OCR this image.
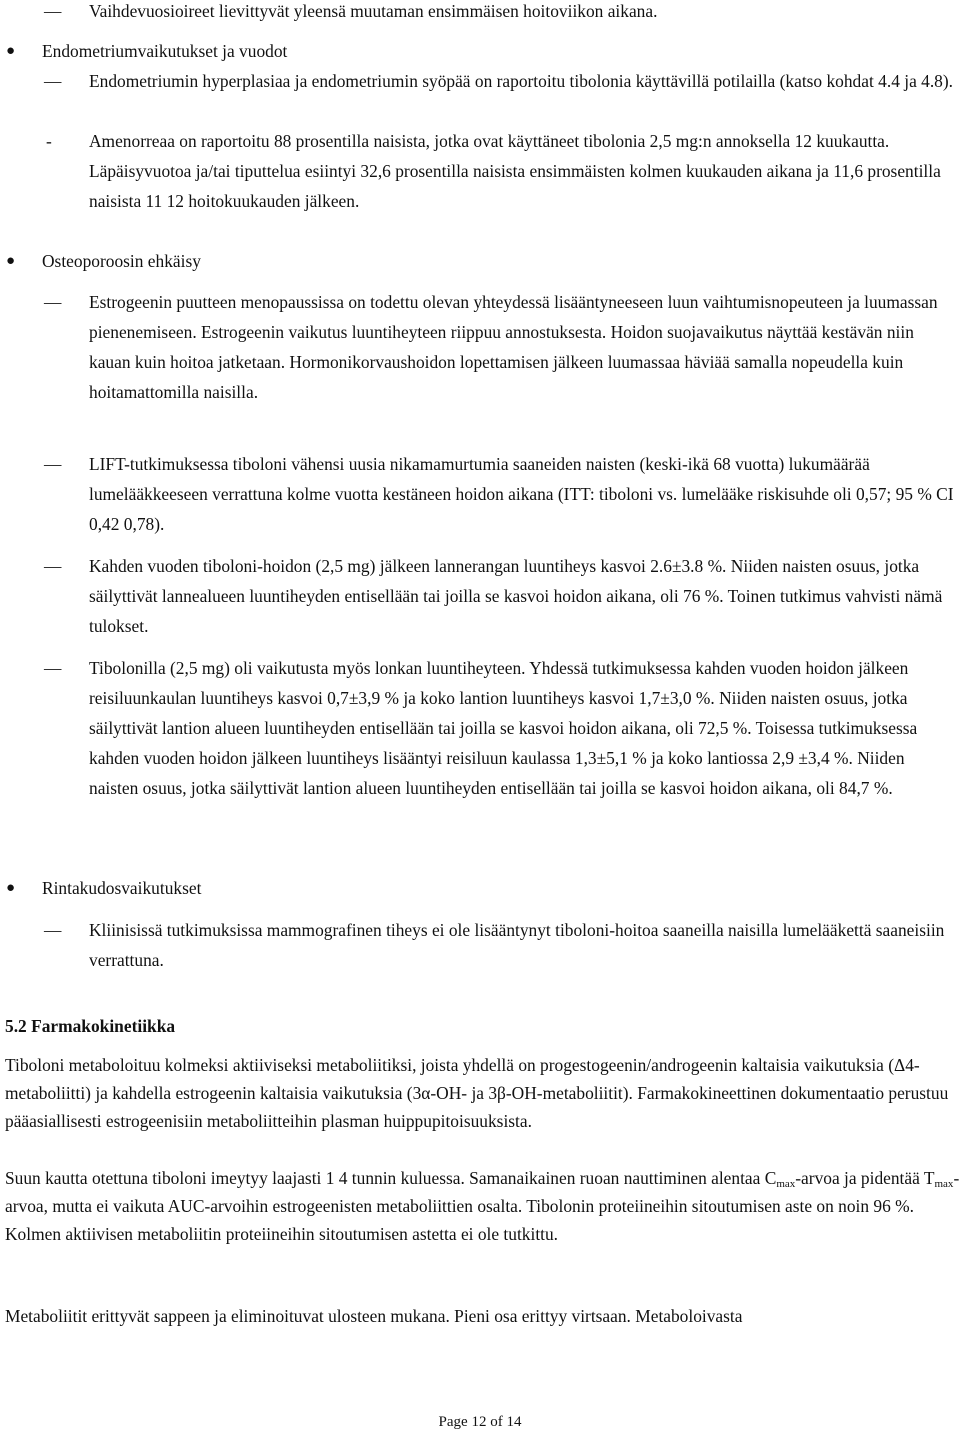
—	Vaihdevuosioireet lievittyvät yleensä muutaman ensimmäisen hoitoviikon aikana.
● Endometriumvaikutukset ja vuodot
—	Endometriumin hyperplasiaa ja endometriumin syöpää on raportoitu tibolonia käyttävillä potilailla (katso kohdat 4.4 ja 4.8).
- Amenorreaa on raportoitu 88 prosentilla naisista, jotka ovat käyttäneet tibolonia 2,5 mg:n annoksella 12 kuukautta. Läpäisyvuotoa ja/tai tiputtelua esiintyi 32,6 prosentilla naisista ensimmäisten kolmen kuukauden aikana ja 11,6 prosentilla naisista 11 12 hoitokuukauden jälkeen.
● Osteoporoosin ehkäisy
—	Estrogeenin puutteen menopaussissa on todettu olevan yhteydessä lisääntyneeseen luun vaihtumisnopeuteen ja luumassan pienenemiseen. Estrogeenin vaikutus luuntiheyteen riippuu annostuksesta. Hoidon suojavaikutus näyttää kestävän niin kauan kuin hoitoa jatketaan. Hormonikorvaushoidon lopettamisen jälkeen luumassaa häviää samalla nopeudella kuin hoitamattomilla naisilla.
—	LIFT-tutkimuksessa tiboloni vähensi uusia nikamamurtumia saaneiden naisten (keski-ikä 68 vuotta) lukumäärää lumelääkkeeseen verrattuna kolme vuotta kestäneen hoidon aikana (ITT: tiboloni vs. lumelääke riskisuhde oli 0,57; 95 % CI 0,42 0,78).
—	Kahden vuoden tiboloni-hoidon (2,5 mg) jälkeen lannerangan luuntiheys kasvoi 2.6±3.8 %. Niiden naisten osuus, jotka säilyttivät lannealueen luuntiheyden entisellään tai joilla se kasvoi hoidon aikana, oli 76 %. Toinen tutkimus vahvisti nämä tulokset.
—	Tibolonilla (2,5 mg) oli vaikutusta myös lonkan luuntiheyteen. Yhdessä tutkimuksessa kahden vuoden hoidon jälkeen reisiluunkaulan luuntiheys kasvoi 0,7±3,9 % ja koko lantion luuntiheys kasvoi 1,7±3,0 %. Niiden naisten osuus, jotka säilyttivät lantion alueen luuntiheyden entisellään tai joilla se kasvoi hoidon aikana, oli 72,5 %. Toisessa tutkimuksessa kahden vuoden hoidon jälkeen luuntiheys lisääntyi reisiluun kaulassa 1,3±5,1 % ja koko lantiossa 2,9 ±3,4 %. Niiden naisten osuus, jotka säilyttivät lantion alueen luuntiheyden entisellään tai joilla se kasvoi hoidon aikana, oli 84,7 %.
● Rintakudosvaikutukset
—	Kliinisissä tutkimuksissa mammografinen tiheys ei ole lisääntynyt tiboloni-hoitoa saaneilla naisilla lumelääkettä saaneisiin verrattuna.
5.2 Farmakokinetiikka
Tiboloni metaboloituu kolmeksi aktiiviseksi metaboliitiksi, joista yhdellä on progestogeenin/androgeenin kaltaisia vaikutuksia (Δ4-metaboliitti) ja kahdella estrogeenin kaltaisia vaikutuksia (3α-OH- ja 3β-OH-metaboliitit). Farmakokineettinen dokumentaatio perustuu pääasiallisesti estrogeenisiin metaboliitteihin plasman huippupitoisuuksista.
Suun kautta otettuna tiboloni imeytyy laajasti 1 4 tunnin kuluessa. Samanaikainen ruoan nauttiminen alentaa $C_{max}$-arvoa ja pidentää $T_{max}$-arvoa, mutta ei vaikuta AUC-arvoihin estrogeenisten metaboliittien osalta. Tibolonin proteiineihin sitoutumisen aste on noin 96 %. Kolmen aktiivisen metaboliitin proteiineihin sitoutumisen astetta ei ole tutkittu.
Metaboliitit erittyvät sappeen ja eliminoituvat ulosteen mukana. Pieni osa erittyy virtsaan. Metaboloivasta
Page 12 of 14
